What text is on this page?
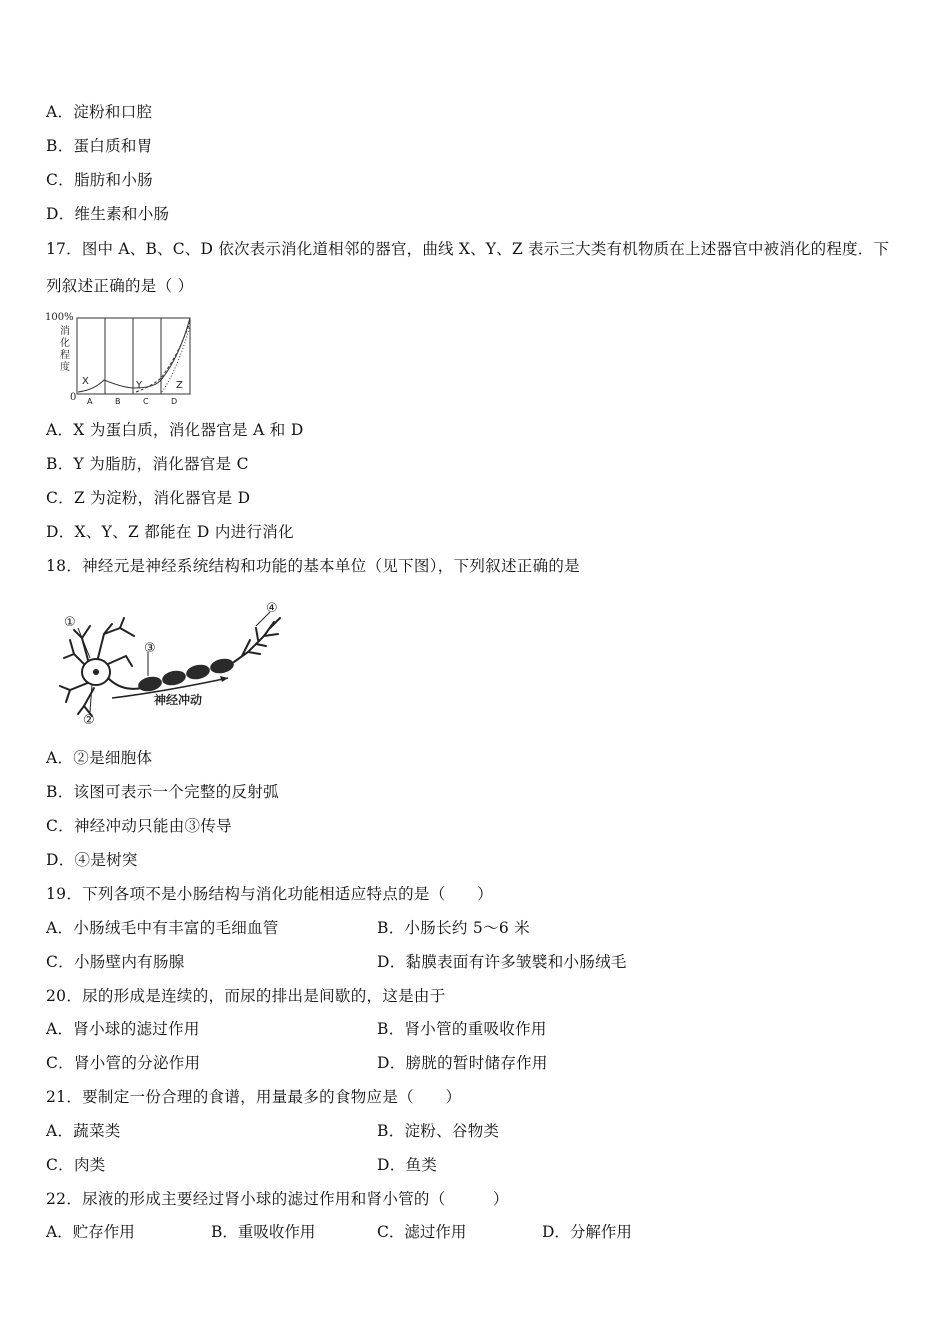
A．淀粉和口腔
B．蛋白质和胃
C．脂肪和小肠
D．维生素和小肠
17．图中 A、B、C、D 依次表示消化道相邻的器官，曲线 X、Y、Z 表示三大类有机物质在上述器官中被消化的程度．下
列叙述正确的是（ ）
100%
消化程度
0
X	Y	Z
A	B	C	D
A．X 为蛋白质，消化器官是 A 和 D
B．Y 为脂肪，消化器官是 C
C．Z 为淀粉，消化器官是 D
D．X、Y、Z 都能在 D 内进行消化
18．神经元是神经系统结构和功能的基本单位（见下图），下列叙述正确的是
①
②
③
④
神经冲动
A．②是细胞体
B．该图可表示一个完整的反射弧
C．神经冲动只能由③传导
D．④是树突
19．下列各项不是小肠结构与消化功能相适应特点的是（　　）
A．小肠绒毛中有丰富的毛细血管	B．小肠长约 5～6 米
C．小肠壁内有肠腺	D．黏膜表面有许多皱襞和小肠绒毛
20．尿的形成是连续的，而尿的排出是间歇的，这是由于
A．肾小球的滤过作用	B．肾小管的重吸收作用
C．肾小管的分泌作用	D．膀胱的暂时储存作用
21．要制定一份合理的食谱，用量最多的食物应是（　　）
A．蔬菜类	B．淀粉、谷物类
C．肉类	D．鱼类
22．尿液的形成主要经过肾小球的滤过作用和肾小管的（　　　）
A．贮存作用	B．重吸收作用	C．滤过作用	D．分解作用
